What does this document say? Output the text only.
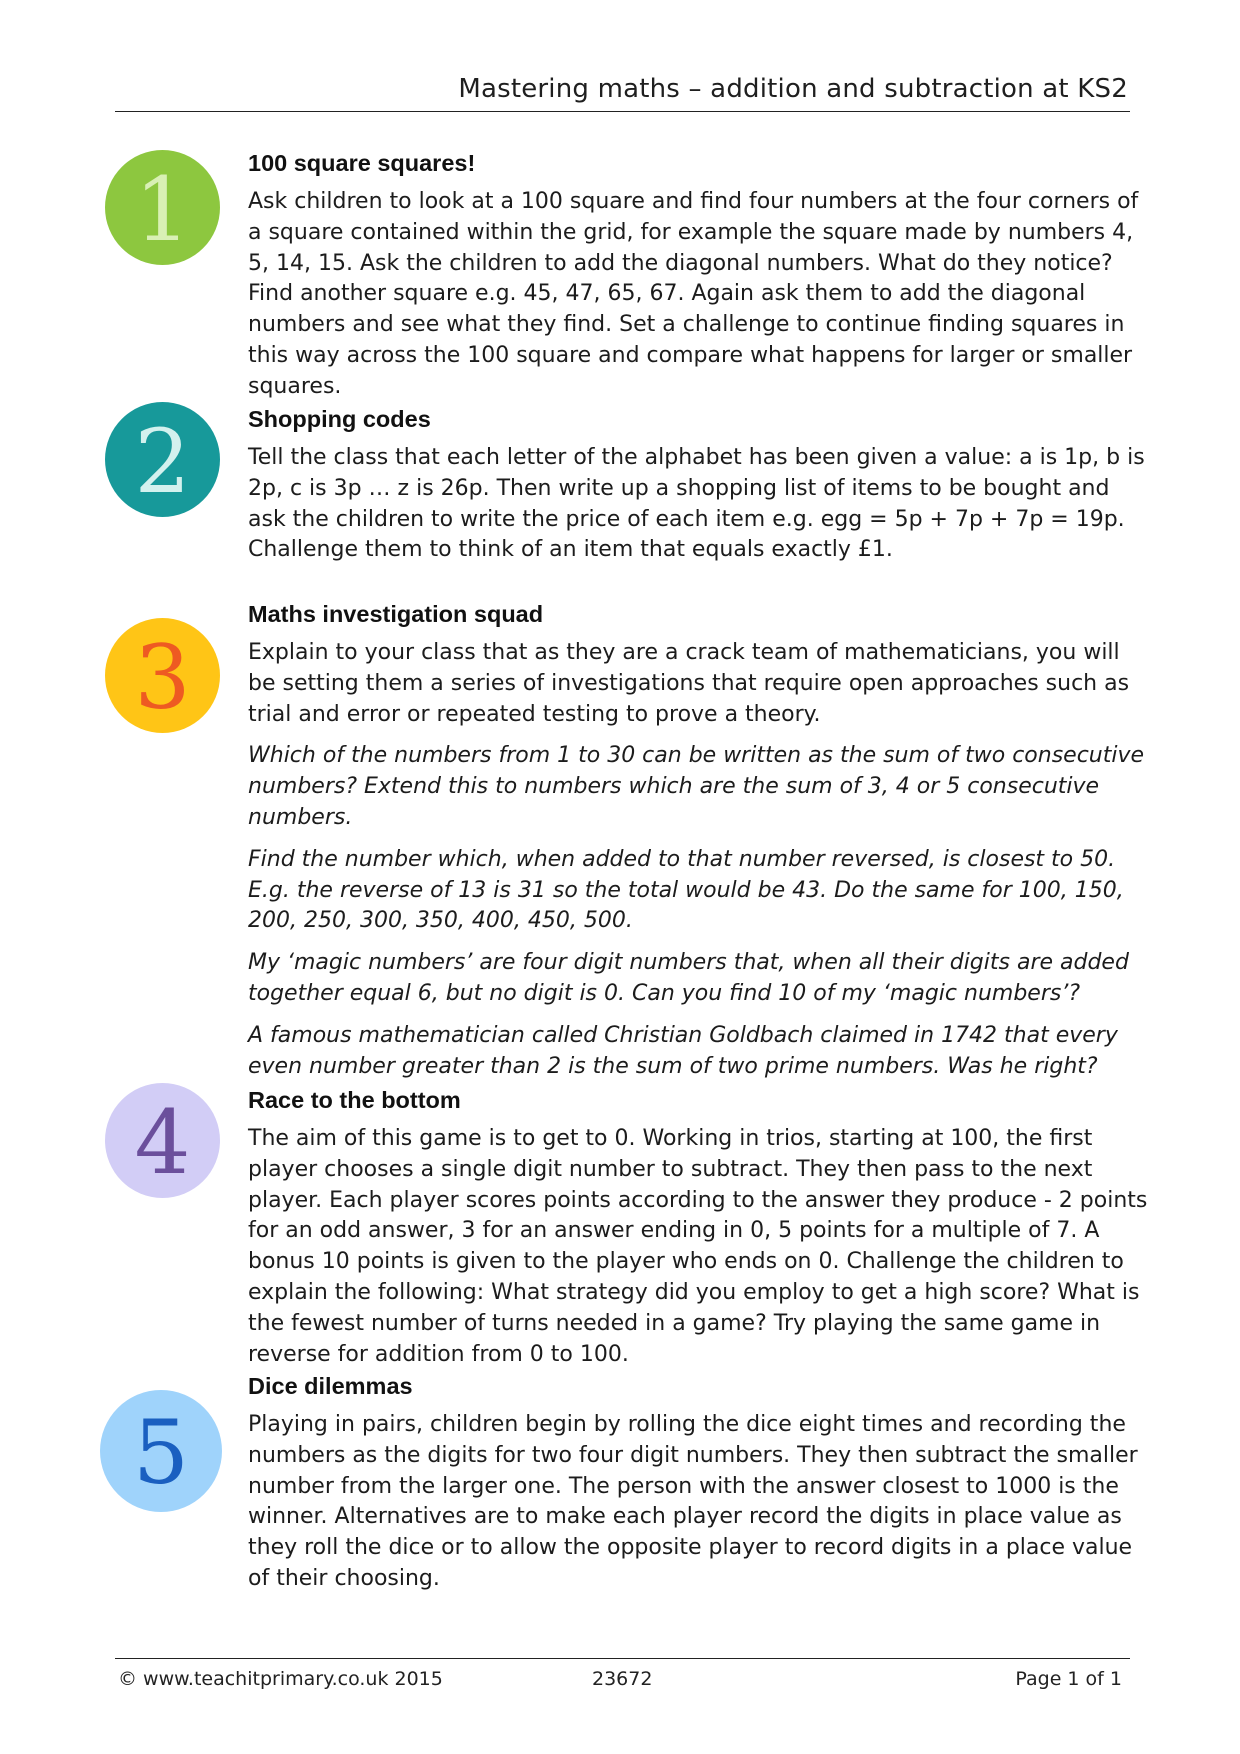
Mastering maths – addition and subtraction at KS2
1 100 square squares!

Ask children to look at a 100 square and find four numbers at the four corners of a square contained within the grid, for example the square made by numbers 4, 5, 14, 15. Ask the children to add the diagonal numbers. What do they notice? Find another square e.g. 45, 47, 65, 67. Again ask them to add the diagonal numbers and see what they find. Set a challenge to continue finding squares in this way across the 100 square and compare what happens for larger or smaller squares.

2 Shopping codes

Tell the class that each letter of the alphabet has been given a value: a is 1p, b is 2p, c is 3p … z is 26p. Then write up a shopping list of items to be bought and ask the children to write the price of each item e.g. egg = 5p + 7p + 7p = 19p. Challenge them to think of an item that equals exactly £1.

3
Maths investigation squad

Explain to your class that as they are a crack team of mathematicians, you will be setting them a series of investigations that require open approaches such as trial and error or repeated testing to prove a theory.

Which of the numbers from 1 to 30 can be written as the sum of two consecutive numbers? Extend this to numbers which are the sum of 3, 4 or 5 consecutive numbers.

Find the number which, when added to that number reversed, is closest to 50. E.g. the reverse of 13 is 31 so the total would be 43. Do the same for 100, 150, 200, 250, 300, 350, 400, 450, 500.

My ‘magic numbers’ are four digit numbers that, when all their digits are added together equal 6, but no digit is 0. Can you find 10 of my ‘magic numbers’?

A famous mathematician called Christian Goldbach claimed in 1742 that every even number greater than 2 is the sum of two prime numbers. Was he right?

4 Race to the bottom

The aim of this game is to get to 0. Working in trios, starting at 100, the first player chooses a single digit number to subtract. They then pass to the next player. Each player scores points according to the answer they produce - 2 points for an odd answer, 3 for an answer ending in 0, 5 points for a multiple of 7. A bonus 10 points is given to the player who ends on 0. Challenge the children to explain the following: What strategy did you employ to get a high score? What is the fewest number of turns needed in a game? Try playing the same game in reverse for addition from 0 to 100.

5
Dice dilemmas

Playing in pairs, children begin by rolling the dice eight times and recording the numbers as the digits for two four digit numbers. They then subtract the smaller number from the larger one. The person with the answer closest to 1000 is the winner. Alternatives are to make each player record the digits in place value as they roll the dice or to allow the opposite player to record digits in a place value of their choosing.

© www.teachitprimary.co.uk 2015	23672	Page 1 of 1
